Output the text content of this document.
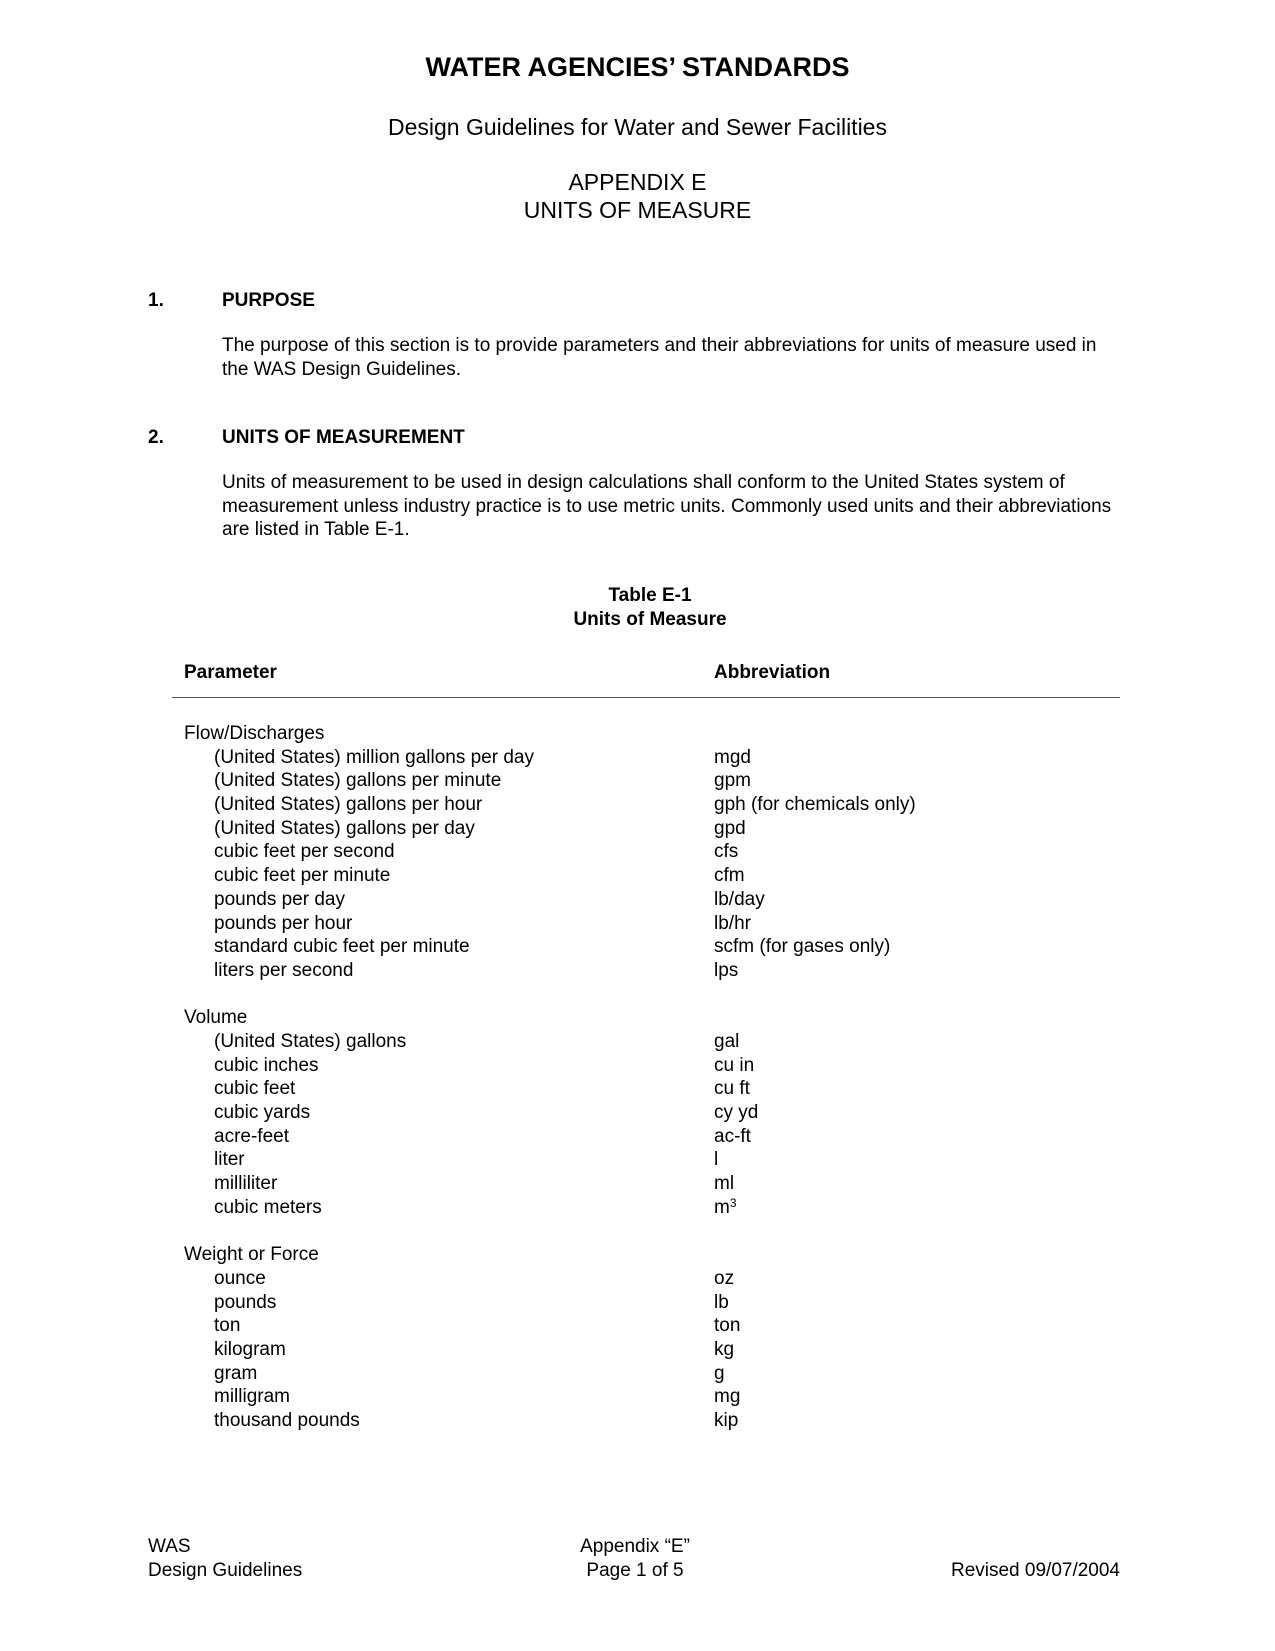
WATER AGENCIES’ STANDARDS
Design Guidelines for Water and Sewer Facilities
APPENDIX E
UNITS OF MEASURE
1.	PURPOSE
The purpose of this section is to provide parameters and their abbreviations for units of measure used in the WAS Design Guidelines.
2.	UNITS OF MEASUREMENT
Units of measurement to be used in design calculations shall conform to the United States system of measurement unless industry practice is to use metric units. Commonly used units and their abbreviations are listed in Table E-1.
Table E-1
Units of Measure
Parameter	Abbreviation
Flow/Discharges
(United States) million gallons per day	mgd
(United States) gallons per minute	gpm
(United States) gallons per hour	gph (for chemicals only)
(United States) gallons per day	gpd
cubic feet per second	cfs
cubic feet per minute	cfm
pounds per day	lb/day
pounds per hour	lb/hr
standard cubic feet per minute	scfm (for gases only)
liters per second	lps
Volume
(United States) gallons	gal
cubic inches	cu in
cubic feet	cu ft
cubic yards	cy yd
acre-feet	ac-ft
liter	l
milliliter	ml
cubic meters	$m^3$
Weight or Force
ounce	oz
pounds	lb
ton	ton
kilogram	kg
gram	g
milligram	mg
thousand pounds	kip
WAS
Design Guidelines
Appendix “E”
Page 1 of 5	Revised 09/07/2004
